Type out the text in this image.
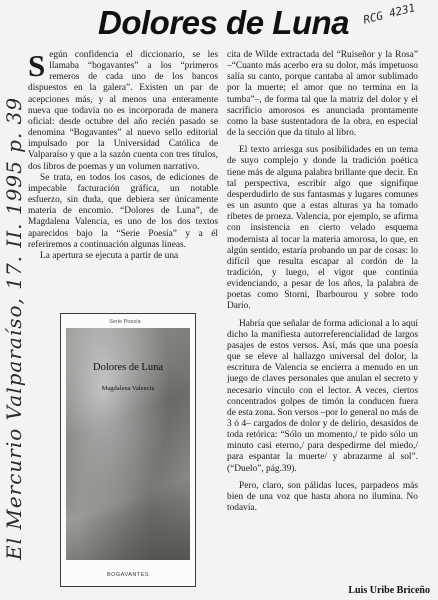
Dolores de Luna RCG 4231
El Mercurio Valparaíso, 17. II. 1995 p. 39

Según confidencia el diccionario, se les llamaba “bogavantes” a los “primeros remeros de cada uno de los bancos dispuestos en la galera”. Existen un par de acepciones más, y al menos una enteramente nueva que todavía no es incorporada de manera oficial: desde octubre del año recién pasado se denomina “Bogavantes” al nuevo sello editorial impulsado por la Universidad Católica de Valparaíso y que a la sazón cuenta con tres títulos, dos libros de poemas y un volumen narrativo.

Se trata, en todos los casos, de ediciones de impecable facturación gráfica, un notable esfuerzo, sin duda, que debiera ser únicamente materia de encomio. “Dolores de Luna”, de Magdalena Valencia, es uno de los dos textos aparecidos bajo la “Serie Poesía” y a él referiremos a continuación algunas líneas.

La apertura se ejecuta a partir de una

Serie Poesía
Dolores de Luna
Magdalena Valencia
BOGAVANTES

cita de Wilde extractada del “Ruiseñor y la Rosa” –“Cuanto más acerbo era su dolor, más impetuoso salía su canto, porque cantaba al amor sublimado por la muerte; el amor que no termina en la tumba”–, de forma tal que la matriz del dolor y el sacrificio amorosos es anunciada prontamente como la base sustentadora de la obra, en especial de la sección que da título al libro.

El texto arriesga sus posibilidades en un tema de suyo complejo y donde la tradición poética tiene más de alguna palabra brillante que decir. En tal perspectiva, escribir algo que signifique desperdudirlo de sus fantasmas y lugares comunes es un asunto que a estas alturas ya ha tomado ribetes de proeza. Valencia, por ejemplo, se afirma con insistencia en cierto velado esquema modernista al tocar la materia amorosa, lo que, en algún sentido, estaría probando un par de cosas: lo difícil que resulta escapar al cordón de la tradición, y luego, el vigor que continúa evidenciando, a pesar de los años, la palabra de poetas como Storni, Ibarbourou y sobre todo Darío.

Habría que señalar de forma adicional a lo aquí dicho la manifiesta autorreferencialidad de largos pasajes de estos versos. Así, más que una poesía que se eleve al hallazgo universal del dolor, la escritura de Valencia se encierra a menudo en un juego de claves personales que anulan el secreto y necesario vínculo con el lector. A veces, ciertos concentrados golpes de timón la conducen fuera de esta zona. Son versos –por lo general no más de 3 ó 4– cargados de dolor y de delirio, desasidos de toda retórica: “Sólo un momento,/ te pido sólo un minuto casi eterno,/ para despedirme del miedo,/ para espantar la muerte/ y abrazarme al sol”. (“Duelo”, pág.39).

Pero, claro, son pálidas luces, parpadeos más bien de una voz que hasta ahora no ilumina. No todavía.

Luis Uribe Briceño
